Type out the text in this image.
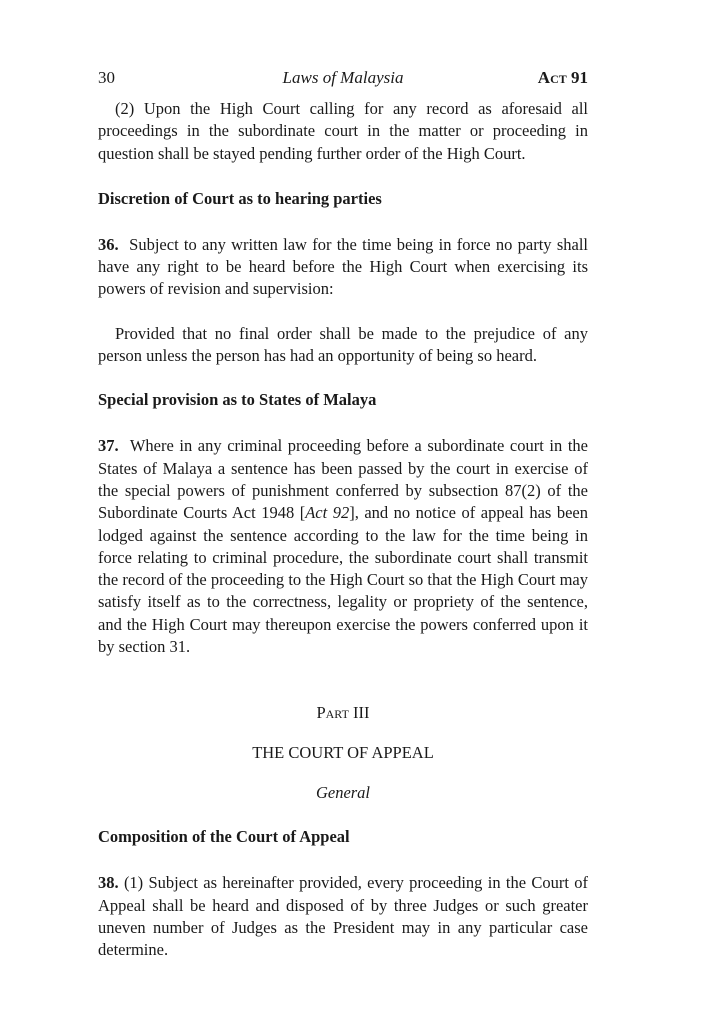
30	Laws of Malaysia	Act 91

(2) Upon the High Court calling for any record as aforesaid all proceedings in the subordinate court in the matter or proceeding in question shall be stayed pending further order of the High Court.

Discretion of Court as to hearing parties

36. Subject to any written law for the time being in force no party shall have any right to be heard before the High Court when exercising its powers of revision and supervision:

Provided that no final order shall be made to the prejudice of any person unless the person has had an opportunity of being so heard.

Special provision as to States of Malaya

37. Where in any criminal proceeding before a subordinate court in the States of Malaya a sentence has been passed by the court in exercise of the special powers of punishment conferred by subsection 87(2) of the Subordinate Courts Act 1948 [Act 92], and no notice of appeal has been lodged against the sentence according to the law for the time being in force relating to criminal procedure, the subordinate court shall transmit the record of the proceeding to the High Court so that the High Court may satisfy itself as to the correctness, legality or propriety of the sentence, and the High Court may thereupon exercise the powers conferred upon it by section 31.

Part III
THE COURT OF APPEAL
General
Composition of the Court of Appeal

38. (1) Subject as hereinafter provided, every proceeding in the Court of Appeal shall be heard and disposed of by three Judges or such greater uneven number of Judges as the President may in any particular case determine.
